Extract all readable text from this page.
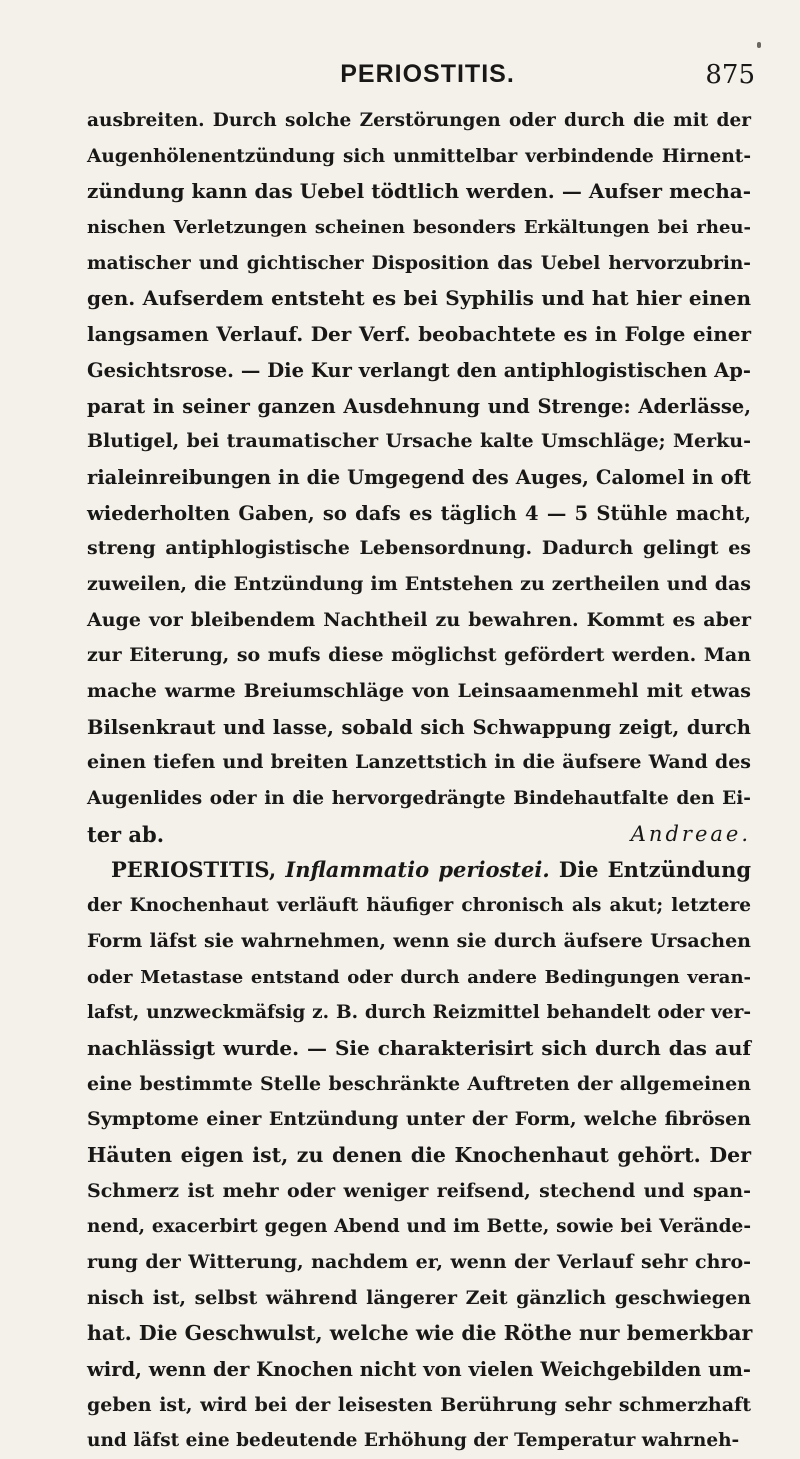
PERIOSTITIS.	875
ausbreiten. Durch solche Zerstörungen oder durch die mit der
Augenhölenentzündung sich unmittelbar verbindende Hirnent-
zündung kann das Uebel tödtlich werden. — Aufser mecha-
nischen Verletzungen scheinen besonders Erkältungen bei rheu-
matischer und gichtischer Disposition das Uebel hervorzubrin-
gen. Aufserdem entsteht es bei Syphilis und hat hier einen
langsamen Verlauf. Der Verf. beobachtete es in Folge einer
Gesichtsrose. — Die Kur verlangt den antiphlogistischen Ap-
parat in seiner ganzen Ausdehnung und Strenge: Aderlässe,
Blutigel, bei traumatischer Ursache kalte Umschläge; Merku-
rialeinreibungen in die Umgegend des Auges, Calomel in oft
wiederholten Gaben, so dafs es täglich 4 — 5 Stühle macht,
streng antiphlogistische Lebensordnung. Dadurch gelingt es
zuweilen, die Entzündung im Entstehen zu zertheilen und das
Auge vor bleibendem Nachtheil zu bewahren. Kommt es aber
zur Eiterung, so mufs diese möglichst gefördert werden. Man
mache warme Breiumschläge von Leinsaamenmehl mit etwas
Bilsenkraut und lasse, sobald sich Schwappung zeigt, durch
einen tiefen und breiten Lanzettstich in die äufsere Wand des
Augenlides oder in die hervorgedrängte Bindehautfalte den Ei-
ter ab.	Andreae.
PERIOSTITIS, Inflammatio periostei. Die Entzündung
der Knochenhaut verläuft häufiger chronisch als akut; letztere
Form läfst sie wahrnehmen, wenn sie durch äufsere Ursachen
oder Metastase entstand oder durch andere Bedingungen veran-
lafst, unzweckmäfsig z. B. durch Reizmittel behandelt oder ver-
nachlässigt wurde. — Sie charakterisirt sich durch das auf
eine bestimmte Stelle beschränkte Auftreten der allgemeinen
Symptome einer Entzündung unter der Form, welche fibrösen
Häuten eigen ist, zu denen die Knochenhaut gehört. Der
Schmerz ist mehr oder weniger reifsend, stechend und span-
nend, exacerbirt gegen Abend und im Bette, sowie bei Verände-
rung der Witterung, nachdem er, wenn der Verlauf sehr chro-
nisch ist, selbst während längerer Zeit gänzlich geschwiegen
hat. Die Geschwulst, welche wie die Röthe nur bemerkbar
wird, wenn der Knochen nicht von vielen Weichgebilden um-
geben ist, wird bei der leisesten Berührung sehr schmerzhaft
und läfst eine bedeutende Erhöhung der Temperatur wahrneh-
